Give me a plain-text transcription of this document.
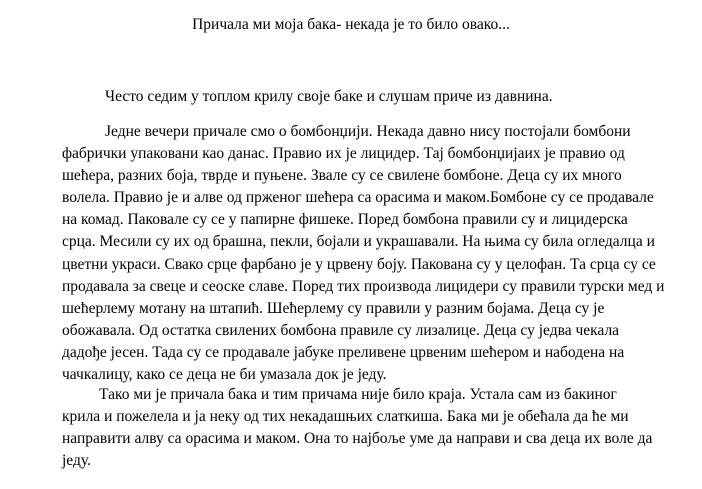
Причала ми моја бака- некада је то било овако...
Често седим у топлом крилу своје баке и слушам приче из давнина.
Једне вечери причале смо о бомбонџији. Некада давно нису постојали бомбони
фабрички упаковани као данас. Правио их је лицидер. Тај бомбонџијаих је правио од
шећера, разних боја, тврде и пуњене. Звале су се свилене бомбоне. Деца су их много
волела. Правио је и алве од прженог шећера са орасима и маком.Бомбоне су се продавале
на комад. Паковале су се у папирне фишеке. Поред бомбона правили су и лицидерска
срца. Месили су их од брашна, пекли, бојали и украшавали. На њима су била огледалца и
цветни украси. Свако срце фарбано је у црвену боју. Пакована су у целофан. Та срца су се
продавала за свеце и сеоске славе. Поред тих производа лицидери су правили турски мед и
шећерлему мотану на штапић. Шећерлему су правили у разним бојама. Деца су је
обожавала. Од остатка свилених бомбона правиле су лизалице. Деца су једва чекала
дадође јесен. Тада су се продавале јабуке преливене црвеним шећером и набодена на
чачкалицу, како се деца не би умазала док је једу.
Тако ми је причала бака и тим причама није било краја. Устала сам из бакиног
крила и пожелела и ја неку од тих некадашњих слаткиша. Бака ми је обећала да ће ми
направити алву са орасима и маком. Она то најбоље уме да направи и сва деца их воле да
једу.
